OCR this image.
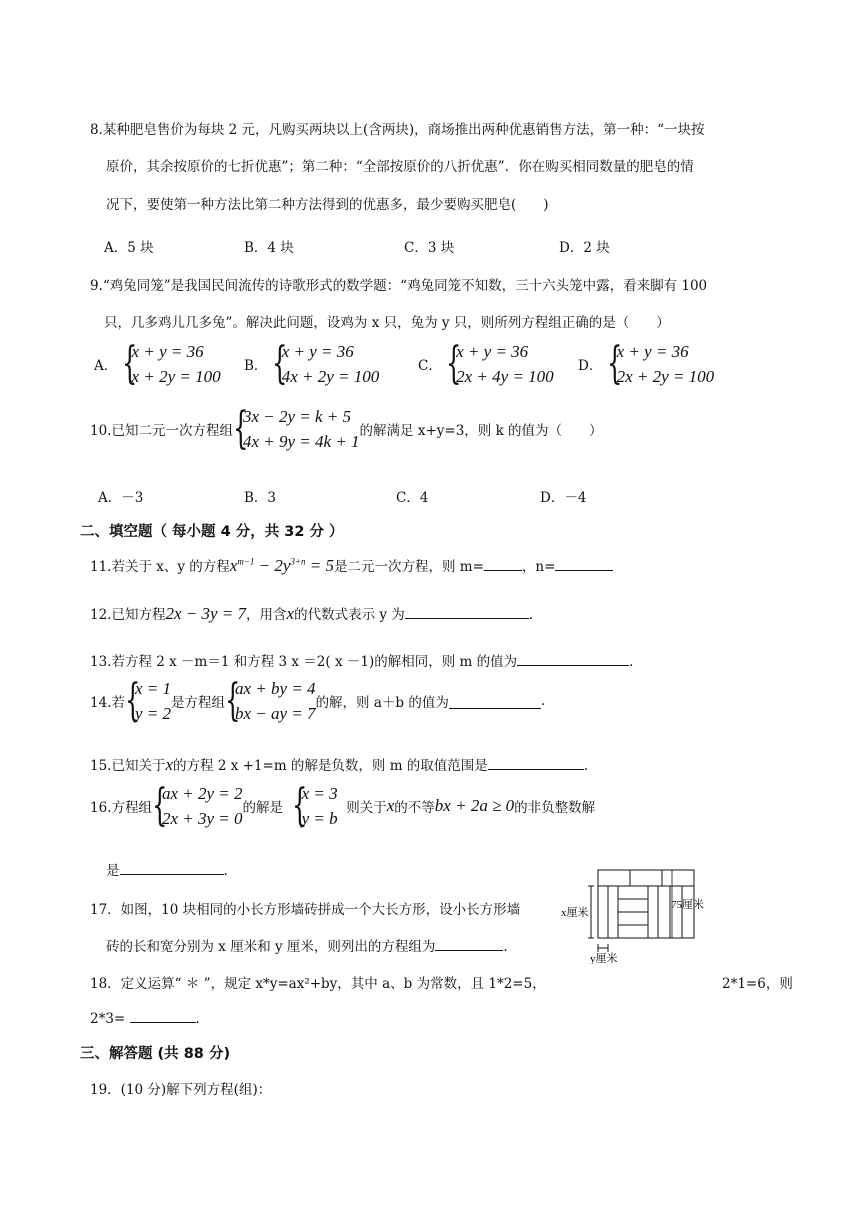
8.某种肥皂售价为每块 2 元，凡购买两块以上(含两块)，商场推出两种优惠销售方法，第一种：“一块按
原价，其余按原价的七折优惠”；第二种：“全部按原价的八折优惠”．你在购买相同数量的肥皂的情
况下，要使第一种方法比第二种方法得到的优惠多，最少要购买肥皂(　　)
A．5 块	B．4 块	C．3 块	D．2 块
9.“鸡兔同笼”是我国民间流传的诗歌形式的数学题：“鸡兔同笼不知数，三十六头笼中露，看来脚有 100
只，几多鸡儿几多兔”。解决此问题，设鸡为 x 只，兔为 y 只，则所列方程组正确的是（　　）
A． {
x + y = 36
x + 2y = 100
B． {
x + y = 36
4x + 2y = 100
C． {
x + y = 36
2x + 4y = 100
D． {
x + y = 36
2x + 2y = 100
10.已知二元一次方程组 {
3x − 2y = k + 5
4x + 9y = 4k + 1
的解满足 x+y=3，则 k 的值为（　　）
A．－3	B．3	C．4	D．－4
二、填空题（ 每小题 4 分，共 32 分 ）
11.若关于 x、y 的方程$x^{m-1} - 2y^{3+n} = 5$是二元一次方程，则 m=	，n=
12.已知方程2x − 3y = 7，用含x的代数式表示 y 为	.
13.若方程 2 x －m＝1 和方程 3 x ＝2( x －1)的解相同，则 m 的值为	.
14.若 {
x = 1
y = 2
是方程组 {
ax + by = 4
bx − ay = 7
的解，则 a＋b 的值为	.
15.已知关于x的方程 2 x +1=m 的解是负数，则 m 的取值范围是	.
16.方程组 {
ax + 2y = 2
2x + 3y = 0
的解是 {
x = 3
y = b
则关于x的不等bx + 2a ≥ 0的非负整数解
是	.
17．如图，10 块相同的小长方形墙砖拼成一个大长方形，设小长方形墙
砖的长和宽分别为 x 厘米和 y 厘米，则列出的方程组为	.
x厘米
75厘米
y厘米
18．定义运算“ ＊ ”，规定 x*y=ax²+by，其中 a、b 为常数，且 1*2=5，	2*1=6，则
2*3=	.
三、解答题 (共 88 分)
19．(10 分)解下列方程(组)：
